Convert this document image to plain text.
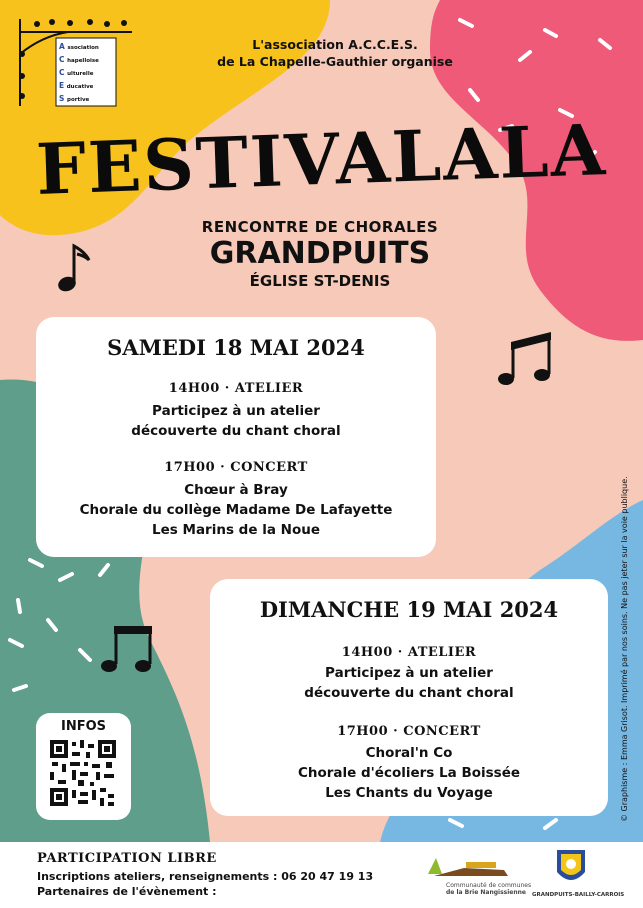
A ssociation
C hapelloise
C ulturelle
E ducative
S portive
L'association A.C.C.E.S.
de La Chapelle-Gauthier organise
FESTIVALALA
RENCONTRE DE CHORALES
GRANDPUITS
ÉGLISE ST-DENIS
SAMEDI 18 MAI 2024
14H00 · ATELIER
Participez à un atelier
découverte du chant choral
17H00 · CONCERT
Chœur à Bray
Chorale du collège Madame De Lafayette
Les Marins de la Noue
DIMANCHE 19 MAI 2024
14H00 · ATELIER
Participez à un atelier
découverte du chant choral
17H00 · CONCERT
Choral'n Co
Chorale d'écoliers La Boissée
Les Chants du Voyage
INFOS	© Graphisme : Emma Grisot. Imprimé par nos soins. Ne pas jeter sur la voie publique.
PARTICIPATION LIBRE
Inscriptions ateliers, renseignements : 06 20 47 19 13
Partenaires de l'évènement :	Communauté de communes
de la Brie Nangissienne	GRANDPUITS-BAILLY-CARROIS
